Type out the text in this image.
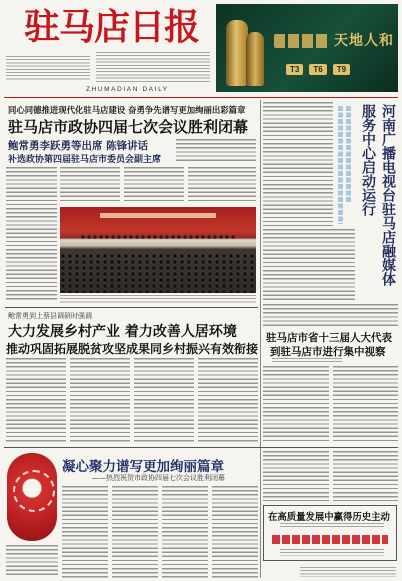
驻马店日报
ZHUMADIAN DAILY
天地人和
T3	T6	T9
同心同德推进现代化驻马店建设 奋勇争先谱写更加绚丽出彩篇章
驻马店市政协四届七次会议胜利闭幕
鲍常勇李跃勇等出席 陈锋讲话
补选政协第四届驻马店市委员会副主席	河南广播电视台驻马店融媒体服务中心启动运行
鲍常勇到上蔡县调研时强调
大力发展乡村产业 着力改善人居环境
推动巩固拓展脱贫攻坚成果同乡村振兴有效衔接
驻马店市省十三届人大代表
到驻马店市进行集中视察
凝心聚力谱写更加绚丽篇章
——热烈祝贺市政协四届七次会议胜利闭幕
在高质量发展中赢得历史主动
